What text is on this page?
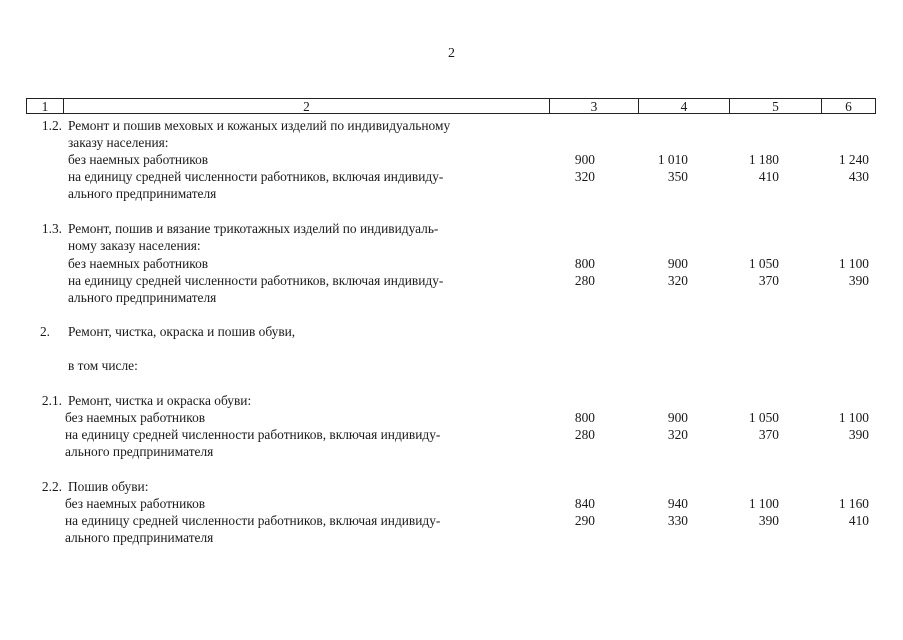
2
1	2	3	4	5	6
1.2. Ремонт и пошив меховых и кожаных изделий по индивидуальному
заказу населения:
без наемных работников	900	1 010	1 180	1 240
на единицу средней численности работников, включая индивиду-	320	350	410	430
ального предпринимателя
1.3. Ремонт, пошив и вязание трикотажных изделий по индивидуаль-
ному заказу населения:
без наемных работников	800	900	1 050	1 100
на единицу средней численности работников, включая индивиду-	280	320	370	390
ального предпринимателя
2. Ремонт, чистка, окраска и пошив обуви,
в том числе:
2.1. Ремонт, чистка и окраска обуви:
без наемных работников	800	900	1 050	1 100
на единицу средней численности работников, включая индивиду-	280	320	370	390
ального предпринимателя
2.2. Пошив обуви:
без наемных работников	840	940	1 100	1 160
на единицу средней численности работников, включая индивиду-	290	330	390	410
ального предпринимателя
